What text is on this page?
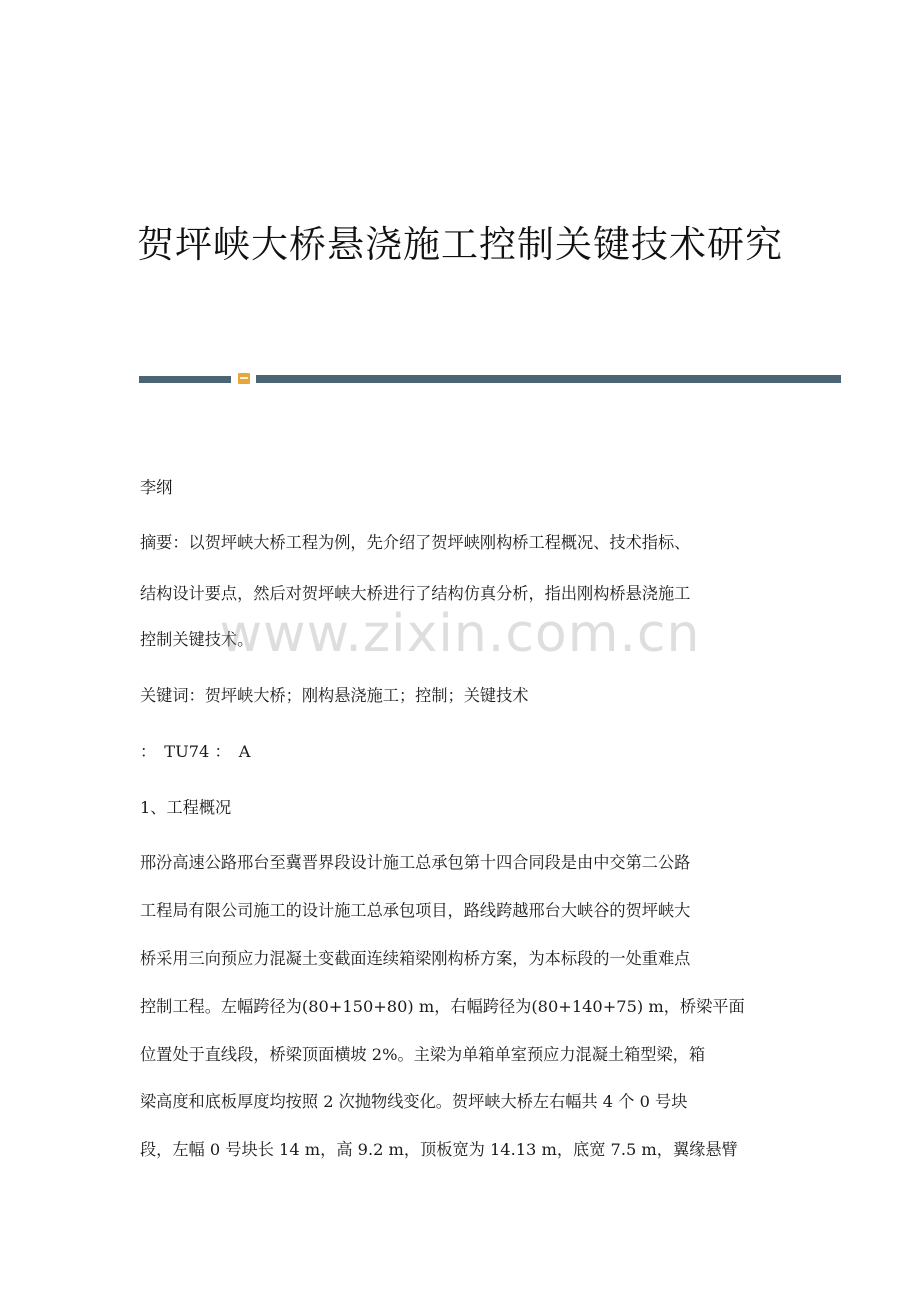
贺坪峡大桥悬浇施工控制关键技术研究
李纲
摘要：以贺坪峡大桥工程为例，先介绍了贺坪峡刚构桥工程概况、技术指标、
结构设计要点，然后对贺坪峡大桥进行了结构仿真分析，指出刚构桥悬浇施工
控制关键技术。
关键词：贺坪峡大桥；刚构悬浇施工；控制；关键技术
：　TU74 ：　A
1、工程概况
邢汾高速公路邢台至冀晋界段设计施工总承包第十四合同段是由中交第二公路
工程局有限公司施工的设计施工总承包项目，路线跨越邢台大峡谷的贺坪峡大
桥采用三向预应力混凝土变截面连续箱梁刚构桥方案，为本标段的一处重难点
控制工程。左幅跨径为(80+150+80) m，右幅跨径为(80+140+75) m，桥梁平面
位置处于直线段，桥梁顶面横坡 2%。主梁为单箱单室预应力混凝土箱型梁，箱
梁高度和底板厚度均按照 2 次抛物线变化。贺坪峡大桥左右幅共 4 个 0 号块
段，左幅 0 号块长 14 m，高 9.2 m，顶板宽为 14.13 m，底宽 7.5 m，翼缘悬臂
www.zixin.com.cn
